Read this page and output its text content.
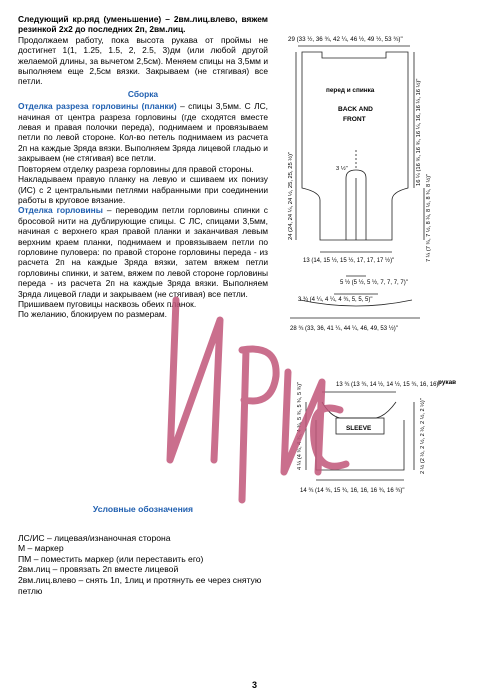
Следующий кр.ряд (уменьшение) – 2вм.лиц.влево, вяжем резинкой 2х2 до последних 2п, 2вм.лиц.

Продолжаем работу, пока высота рукава от проймы не достигнет 1(1, 1.25, 1.5, 2, 2.5, 3)дм (или любой другой желаемой длины, за вычетом 2,5см). Меняем спицы на 3,5мм и выполняем еще 2,5см вязки. Закрываем (не стягивая) все петли.

Сборка

Отделка разреза горловины (планки) – спицы 3,5мм. С ЛС, начиная от центра разреза горловины (где сходятся вместе левая и правая полочки переда), поднимаем и провязываем петли по левой стороне. Кол-во петель поднимаем из расчета 2п на каждые 3ряда вязки. Выполняем 3ряда лицевой гладью и закрываем (не стягивая) все петли.

Повторяем отделку разреза горловины для правой стороны.

Накладываем правую планку на левую и сшиваем их понизу (ИС) с 2 центральными петлями набранными при соединении работы в круговое вязание.

Отделка горловины – переводим петли горловины спинки с бросовой нити на дублирующие спицы. С ЛС, спицами 3,5мм, начиная с верхнего края правой планки и заканчивая левым верхним краем планки, поднимаем и провязываем петли по горловине пуловера: по правой стороне горловины переда - из расчета 2п на каждые 3ряда вязки, затем вяжем петли горловины спинки, и затем, вяжем по левой стороне горловины переда - из расчета 2п на каждые 3ряда вязки. Выполняем 3ряда лицевой глади и закрываем (не стягивая) все петли.

Пришиваем пуговицы насквозь обеих планок.

По желанию, блокируем по размерам.

Условные обозначения
ЛС/ИС – лицевая/изнаночная сторона
М – маркер
ПМ – поместить маркер (или переставить его)
2вм.лиц – провязать 2п вместе лицевой
2вм.лиц.влево – снять 1п, 1лиц и протянуть ее через снятую петлю
29 (33 ½, 36 ¾, 42 ¼, 46 ½, 49 ½, 53 ¾)"
перед и спинка
BACK AND
FRONT
3 ½"
24 (24, 24 ¼, 24 ½, 25, 25, 25 ½)"
16 ¼ (16 ¾, 16 ¾, 16 ¼, 16, 16 ¼, 16 ½)"
7 ¼ (7 ¾, 7 ½, 8 ¼, 8 ½, 8 ¾, 8 ½)"
13 (14, 15 ½, 15 ½, 17, 17, 17 ½)"
5 ½ (5 ½, 5 ½, 7, 7, 7, 7)"
3 ¾ (4 ¼, 4 ¼, 4 ¾, 5, 5, 5)"
28 ¾ (33, 36, 41 ¼, 44 ¼, 46, 49, 53 ½)"
рукав
13 ¾ (13 ¾, 14 ½, 14 ½, 15 ¾, 16, 16)"
SLEEVE
4 ¼ (4 ¾, 4 ¾, 4 ¾, 5 ¾, 5 ¾, 5 ¾)"	2 ½ (2 ½, 2 ½, 2 ½, 2 ½, 2 ½)"
14 ¾ (14 ¾, 15 ¾, 16, 16, 16 ¾, 16 ¾)"
3
